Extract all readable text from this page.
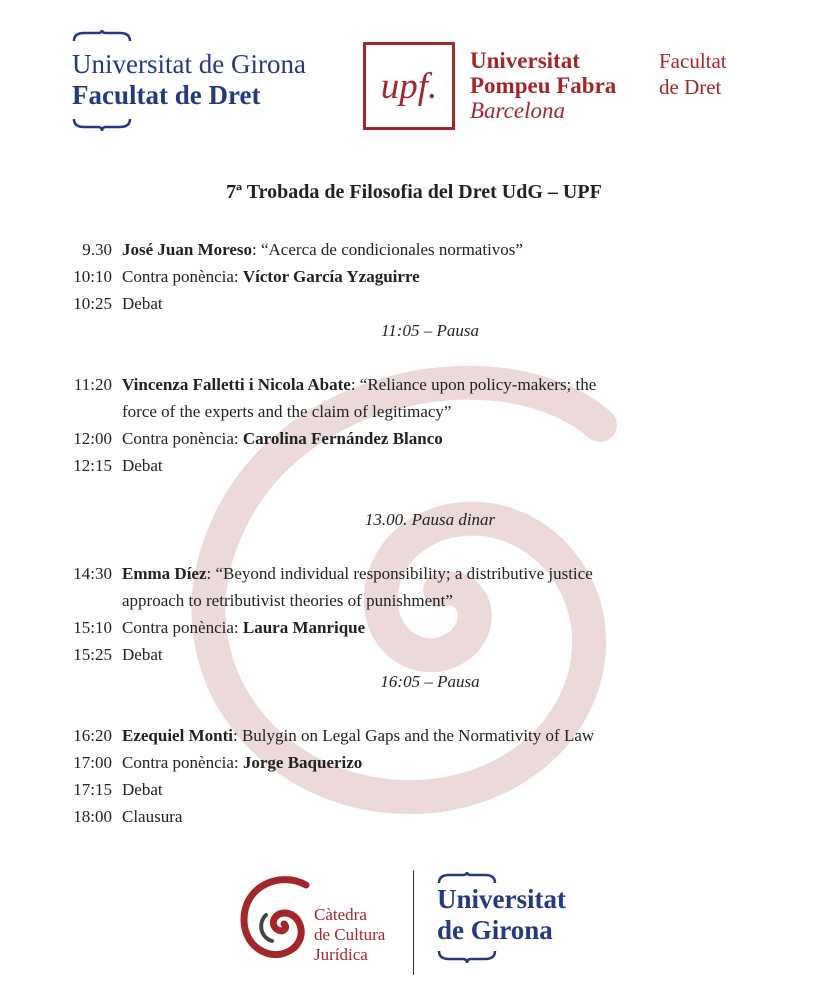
Universitat de Girona
Facultat de Dret	upf.
Universitat
Pompeu Fabra
Barcelona
Facultat
de Dret
7ª Trobada de Filosofia del Dret UdG – UPF
9.30 José Juan Moreso: “Acerca de condicionales normativos”
10:10 Contra ponència: Víctor García Yzaguirre
10:25 Debat
11:05 – Pausa
11:20 Vincenza Falletti i Nicola Abate: “Reliance upon policy-makers; the
force of the experts and the claim of legitimacy”
12:00 Contra ponència: Carolina Fernández Blanco
12:15 Debat
13.00. Pausa dinar
14:30 Emma Díez: “Beyond individual responsibility; a distributive justice
approach to retributivist theories of punishment”
15:10 Contra ponència: Laura Manrique
15:25 Debat
16:05 – Pausa
16:20 Ezequiel Monti: Bulygin on Legal Gaps and the Normativity of Law
17:00 Contra ponència: Jorge Baquerizo
17:15 Debat
18:00 Clausura
Càtedra
de Cultura
Jurídica
Universitat
de Girona
